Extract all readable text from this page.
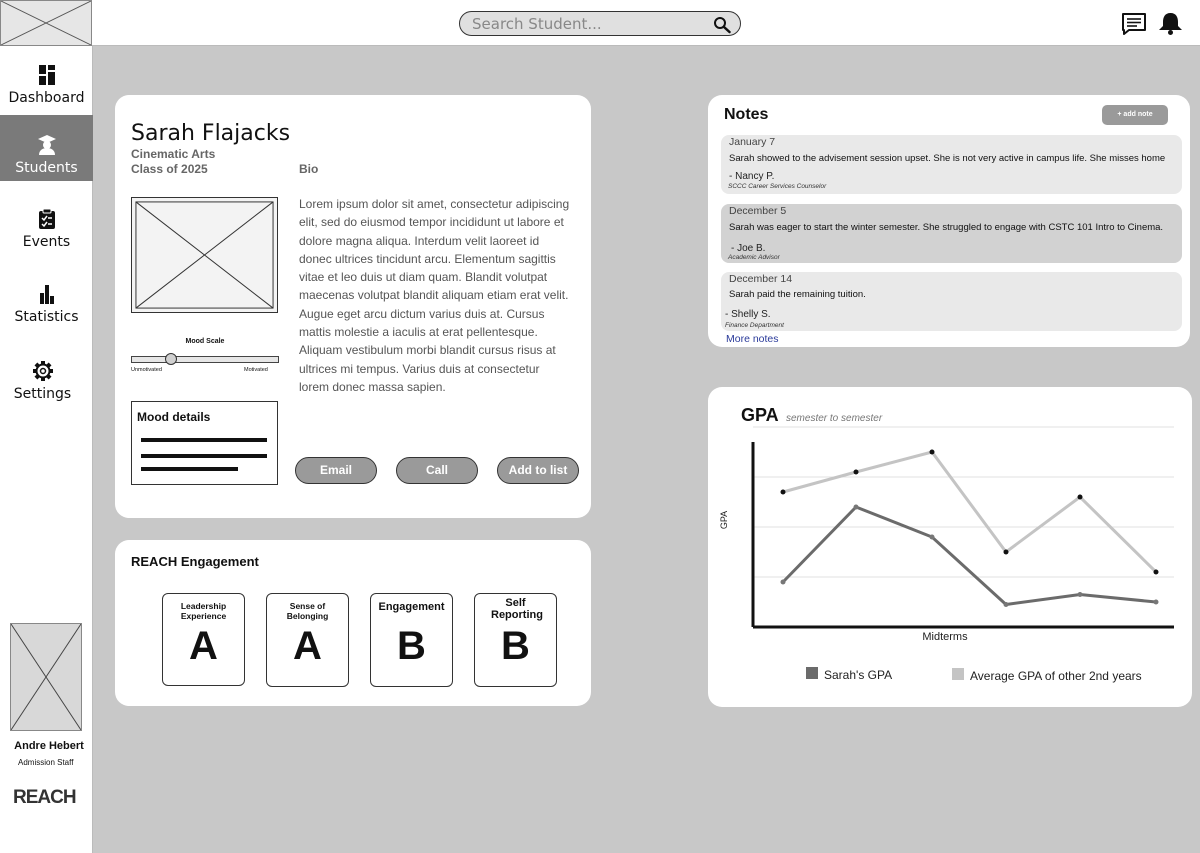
Search Student...
Dashboard
Students
Events
Statistics
Settings
Andre Hebert
Admission Staff
REACH
Sarah Flajacks
Cinematic Arts
Class of 2025	Bio
Lorem ipsum dolor sit amet, consectetur adipiscing elit, sed do eiusmod tempor incididunt ut labore et dolore magna aliqua. Interdum velit laoreet id donec ultrices tincidunt arcu. Elementum sagittis vitae et leo duis ut diam quam. Blandit volutpat maecenas volutpat blandit aliquam etiam erat velit. Augue eget arcu dictum varius duis at. Cursus mattis molestie a iaculis at erat pellentesque. Aliquam vestibulum morbi blandit cursus risus at ultrices mi tempus. Varius duis at consectetur lorem donec massa sapien.
Mood Scale
Unmotivated	Motivated
Mood details
Email	Call	Add to list
REACH Engagement
Leadership Experience
A
Sense of Belonging
A
Engagement
B
Self Reporting
B
Notes	+ add note
January 7
Sarah showed to the advisement session upset. She is not very active in campus life. She misses home
- Nancy P.
SCCC Career Services Counselor
December 5
Sarah was eager to start the winter semester. She struggled to engage with CSTC 101 Intro to Cinema.
- Joe B.
Academic Advisor
December 14
Sarah paid the remaining tuition.
- Shelly S.
Finance Department
More notes
GPA semester to semester
Midterms
GPA
Sarah's GPA	Average GPA of other 2nd years
